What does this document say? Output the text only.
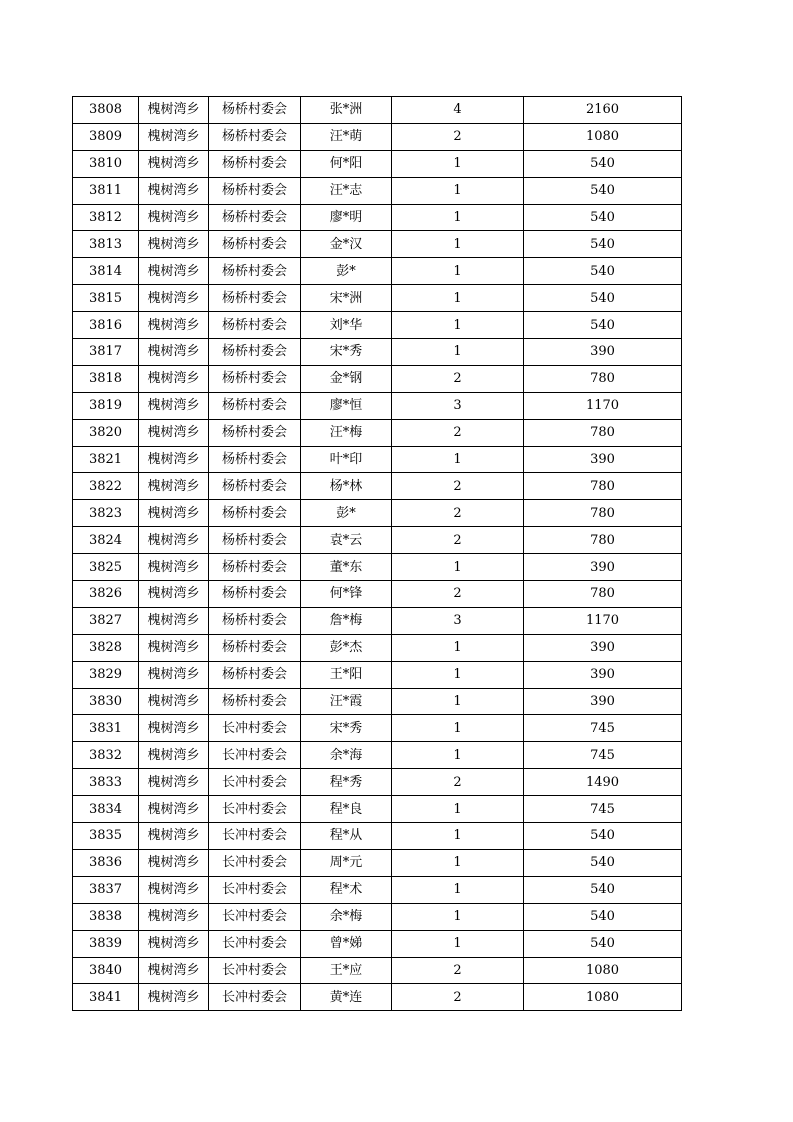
3808	槐树湾乡	杨桥村委会	张*洲	4	2160
3809	槐树湾乡	杨桥村委会	汪*萌	2	1080
3810	槐树湾乡	杨桥村委会	何*阳	1	540
3811	槐树湾乡	杨桥村委会	汪*志	1	540
3812	槐树湾乡	杨桥村委会	廖*明	1	540
3813	槐树湾乡	杨桥村委会	金*汉	1	540
3814	槐树湾乡	杨桥村委会	彭*	1	540
3815	槐树湾乡	杨桥村委会	宋*洲	1	540
3816	槐树湾乡	杨桥村委会	刘*华	1	540
3817	槐树湾乡	杨桥村委会	宋*秀	1	390
3818	槐树湾乡	杨桥村委会	金*钢	2	780
3819	槐树湾乡	杨桥村委会	廖*恒	3	1170
3820	槐树湾乡	杨桥村委会	汪*梅	2	780
3821	槐树湾乡	杨桥村委会	叶*印	1	390
3822	槐树湾乡	杨桥村委会	杨*林	2	780
3823	槐树湾乡	杨桥村委会	彭*	2	780
3824	槐树湾乡	杨桥村委会	袁*云	2	780
3825	槐树湾乡	杨桥村委会	董*东	1	390
3826	槐树湾乡	杨桥村委会	何*锋	2	780
3827	槐树湾乡	杨桥村委会	詹*梅	3	1170
3828	槐树湾乡	杨桥村委会	彭*杰	1	390
3829	槐树湾乡	杨桥村委会	王*阳	1	390
3830	槐树湾乡	杨桥村委会	汪*霞	1	390
3831	槐树湾乡	长冲村委会	宋*秀	1	745
3832	槐树湾乡	长冲村委会	余*海	1	745
3833	槐树湾乡	长冲村委会	程*秀	2	1490
3834	槐树湾乡	长冲村委会	程*良	1	745
3835	槐树湾乡	长冲村委会	程*从	1	540
3836	槐树湾乡	长冲村委会	周*元	1	540
3837	槐树湾乡	长冲村委会	程*术	1	540
3838	槐树湾乡	长冲村委会	余*梅	1	540
3839	槐树湾乡	长冲村委会	曾*娣	1	540
3840	槐树湾乡	长冲村委会	王*应	2	1080
3841	槐树湾乡	长冲村委会	黄*连	2	1080
